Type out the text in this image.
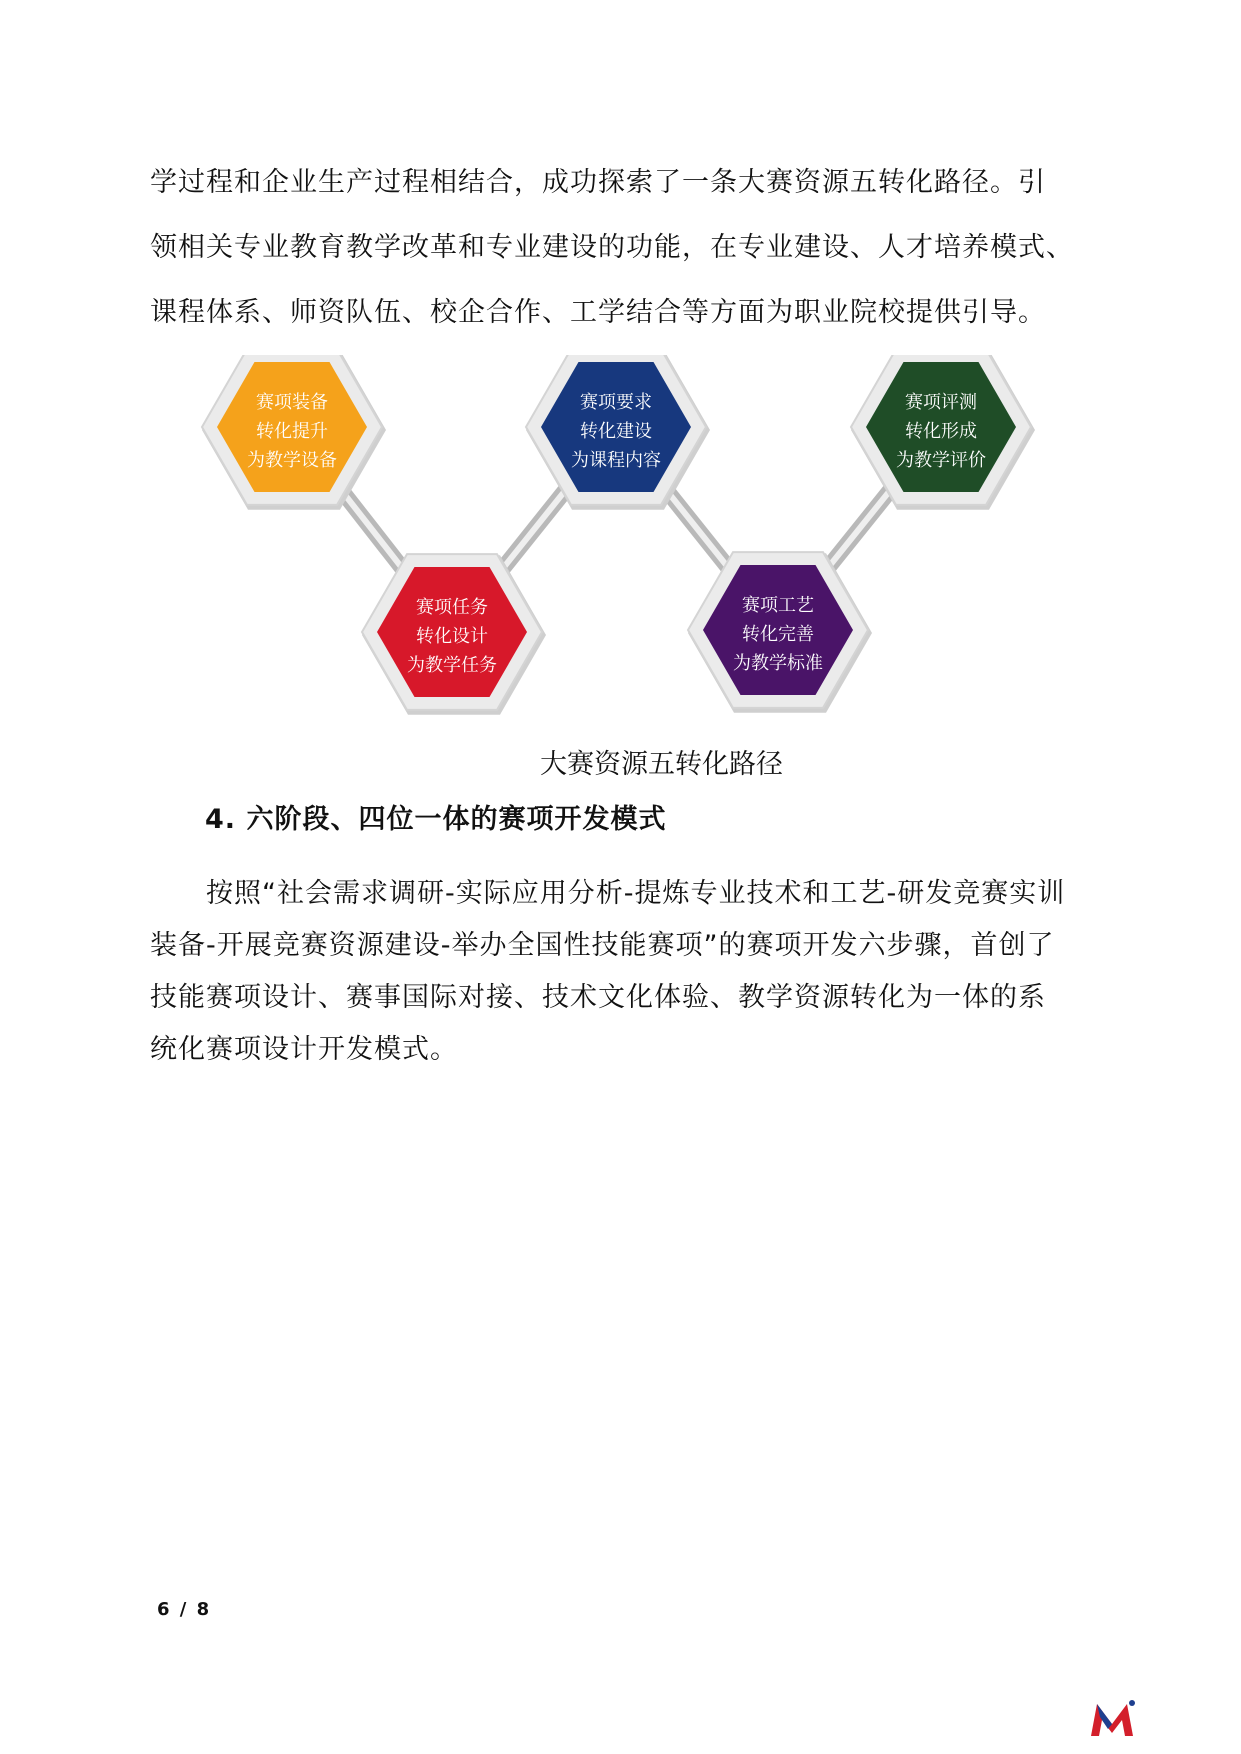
学过程和企业生产过程相结合，成功探索了一条大赛资源五转化路径。引
领相关专业教育教学改革和专业建设的功能，在专业建设、人才培养模式、
课程体系、师资队伍、校企合作、工学结合等方面为职业院校提供引导。
赛项装备
转化提升
为教学设备
赛项任务
转化设计
为教学任务
赛项要求
转化建设
为课程内容
赛项工艺
转化完善
为教学标准
赛项评测
转化形成
为教学评价

大赛资源五转化路径

4. 六阶段、四位一体的赛项开发模式

按照“社会需求调研-实际应用分析-提炼专业技术和工艺-研发竞赛实训
装备-开展竞赛资源建设-举办全国性技能赛项”的赛项开发六步骤，首创了
技能赛项设计、赛事国际对接、技术文化体验、教学资源转化为一体的系
统化赛项设计开发模式。

6 / 8
